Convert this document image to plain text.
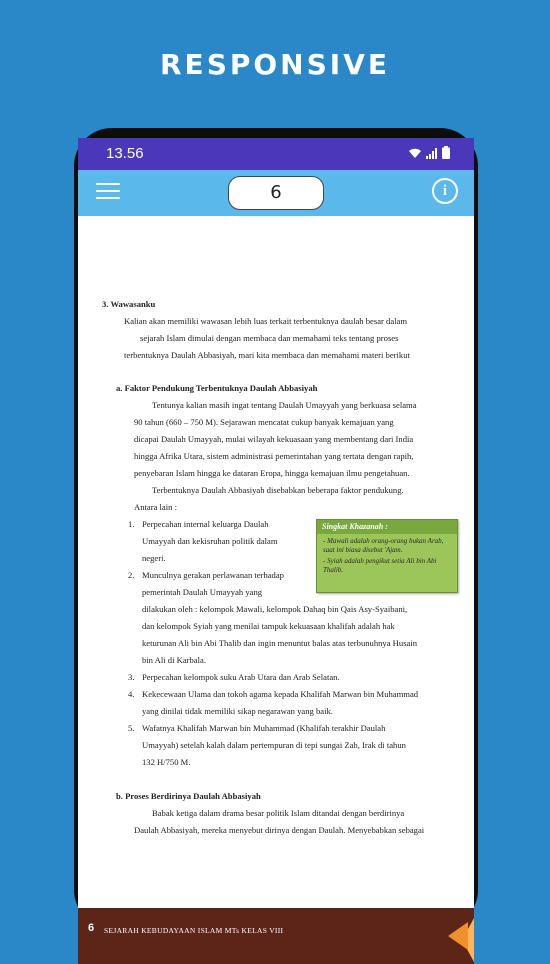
RESPONSIVE
13.56
6	i

3. Wawasanku

Kalian akan memiliki wawasan lebih luas terkait terbentuknya daulah besar dalam

sejarah Islam dimulai dengan membaca dan memahami teks tentang proses

terbentuknya Daulah Abbasiyah, mari kita membaca dan memahami materi berikut

a. Faktor Pendukung Terbentuknya Daulah Abbasiyah

Tentunya kalian masih ingat tentang Daulah Umayyah yang berkuasa selama

90 tahun (660 – 750 M). Sejarawan mencatat cukup banyak kemajuan yang

dicapai Daulah Umayyah, mulai wilayah kekuasaan yang membentang dari India

hingga Afrika Utara, sistem administrasi pemerintahan yang tertata dengan rapih,

penyebaran Islam hingga ke dataran Eropa, hingga kemajuan ilmu pengetahuan.

Terbentuknya Daulah Abbasiyah disebabkan beberapa faktor pendukung.

Antara lain :

1. Perpecahan internal keluarga Daulah

Umayyah dan kekisruhan politik dalam

negeri.

2. Munculnya gerakan perlawanan terhadap

pemerintah Daulah Umayyah yang

dilakukan oleh : kelompok Mawali, kelompok Dahaq bin Qais Asy-Syaibani,

dan kelompok Syiah yang menilai tampuk kekuasaan khalifah adalah hak

keturunan Ali bin Abi Thalib dan ingin menuntut balas atas terbunuhnya Husain

bin Ali di Karbala.

3. Perpecahan kelompok suku Arab Utara dan Arab Selatan.

4. Kekecewaan Ulama dan tokoh agama kepada Khalifah Marwan bin Muhammad

yang dinilai tidak memiliki sikap negarawan yang baik.

5. Wafatnya Khalifah Marwan bin Muhammad (Khalifah terakhir Daulah

Umayyah) setelah kalah dalam pertempuran di tepi sungai Zab, Irak di tahun

132 H/750 M.

b. Proses Berdirinya Daulah Abbasiyah

Babak ketiga dalam drama besar politik Islam ditandai dengan berdirinya

Daulah Abbasiyah, mereka menyebut dirinya dengan Daulah. Menyebabkan sebagai

Singkat Khazanah :
- Mawali adalah orang-orang bukan Arab, saat ini biasa disebut 'Ajam.
- Syiah adalah pengikut setia Ali bin Abi Thalib.
6 SEJARAH KEBUDAYAAN ISLAM MTs KELAS VIII
